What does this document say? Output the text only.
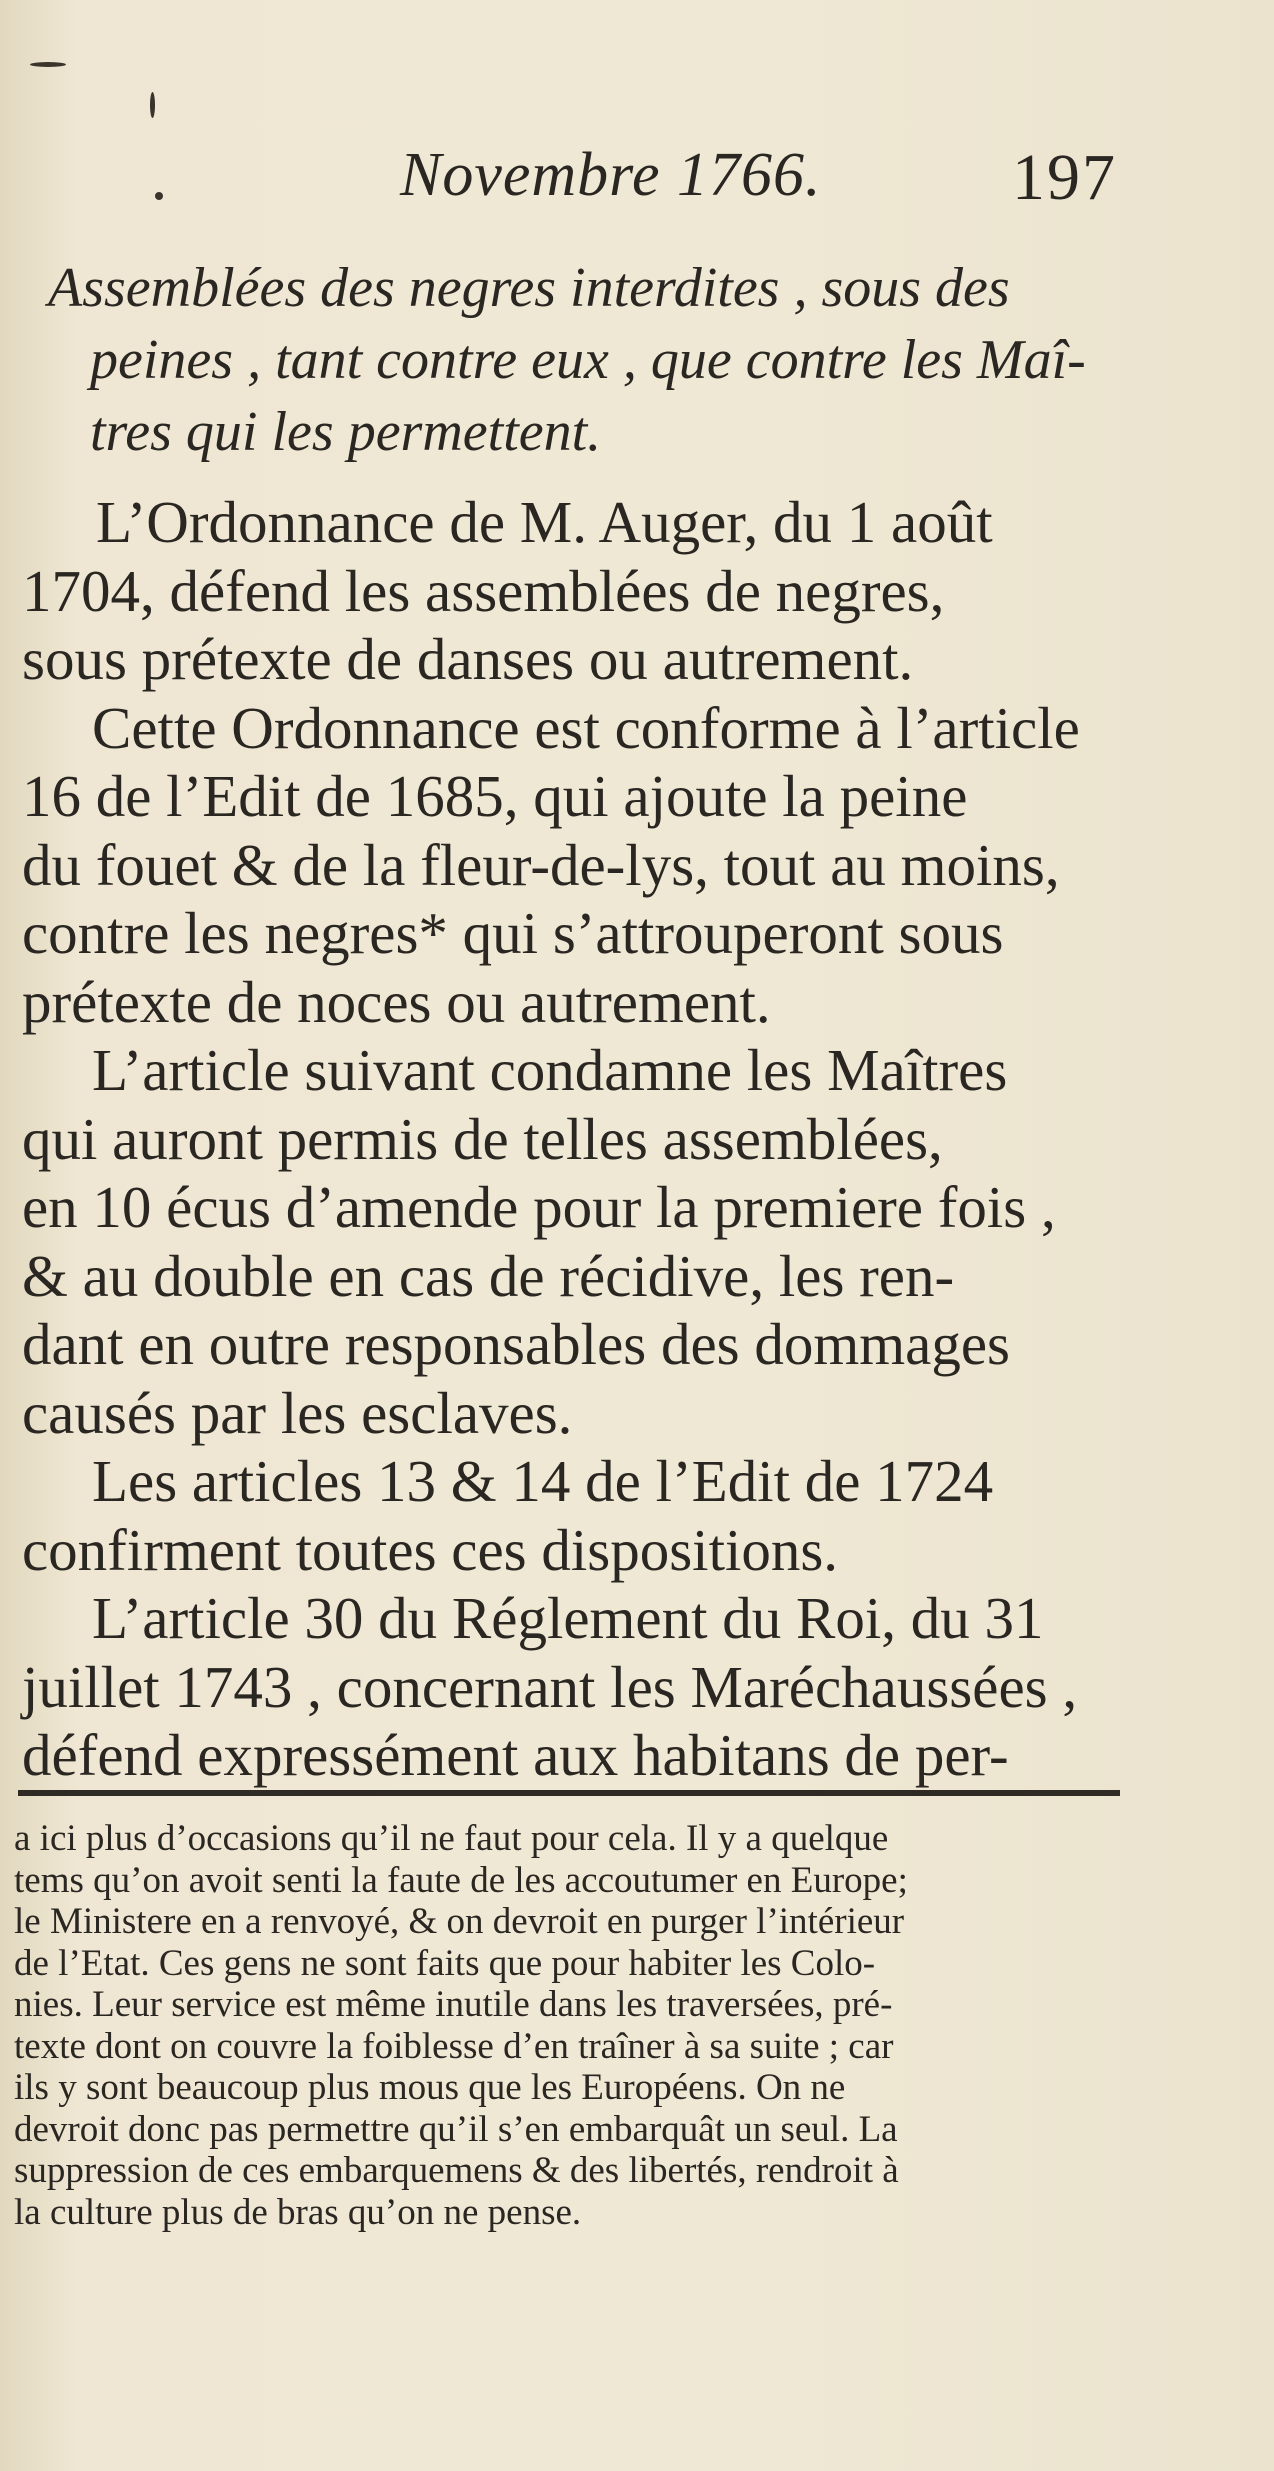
Novembre 1766.	197
Assemblées des negres interdites , sous des
peines , tant contre eux , que contre les Maî-
tres qui les permettent.
L’Ordonnance de M. Auger, du 1 août
1704, défend les assemblées de negres,
sous prétexte de danses ou autrement.
Cette Ordonnance est conforme à l’article
16 de l’Edit de 1685, qui ajoute la peine
du fouet & de la fleur-de-lys, tout au moins,
contre les negres* qui s’attrouperont sous
prétexte de noces ou autrement.
L’article suivant condamne les Maîtres
qui auront permis de telles assemblées,
en 10 écus d’amende pour la premiere fois ,
& au double en cas de récidive, les ren-
dant en outre responsables des dommages
causés par les esclaves.
Les articles 13 & 14 de l’Edit de 1724
confirment toutes ces dispositions.
L’article 30 du Réglement du Roi, du 31
juillet 1743 , concernant les Maréchaussées ,
défend expressément aux habitans de per-
a ici plus d’occasions qu’il ne faut pour cela. Il y a quelque
tems qu’on avoit senti la faute de les accoutumer en Europe;
le Ministere en a renvoyé, & on devroit en purger l’intérieur
de l’Etat. Ces gens ne sont faits que pour habiter les Colo-
nies. Leur service est même inutile dans les traversées, pré-
texte dont on couvre la foiblesse d’en traîner à sa suite ; car
ils y sont beaucoup plus mous que les Européens. On ne
devroit donc pas permettre qu’il s’en embarquât un seul. La
suppression de ces embarquemens & des libertés, rendroit à
la culture plus de bras qu’on ne pense.
